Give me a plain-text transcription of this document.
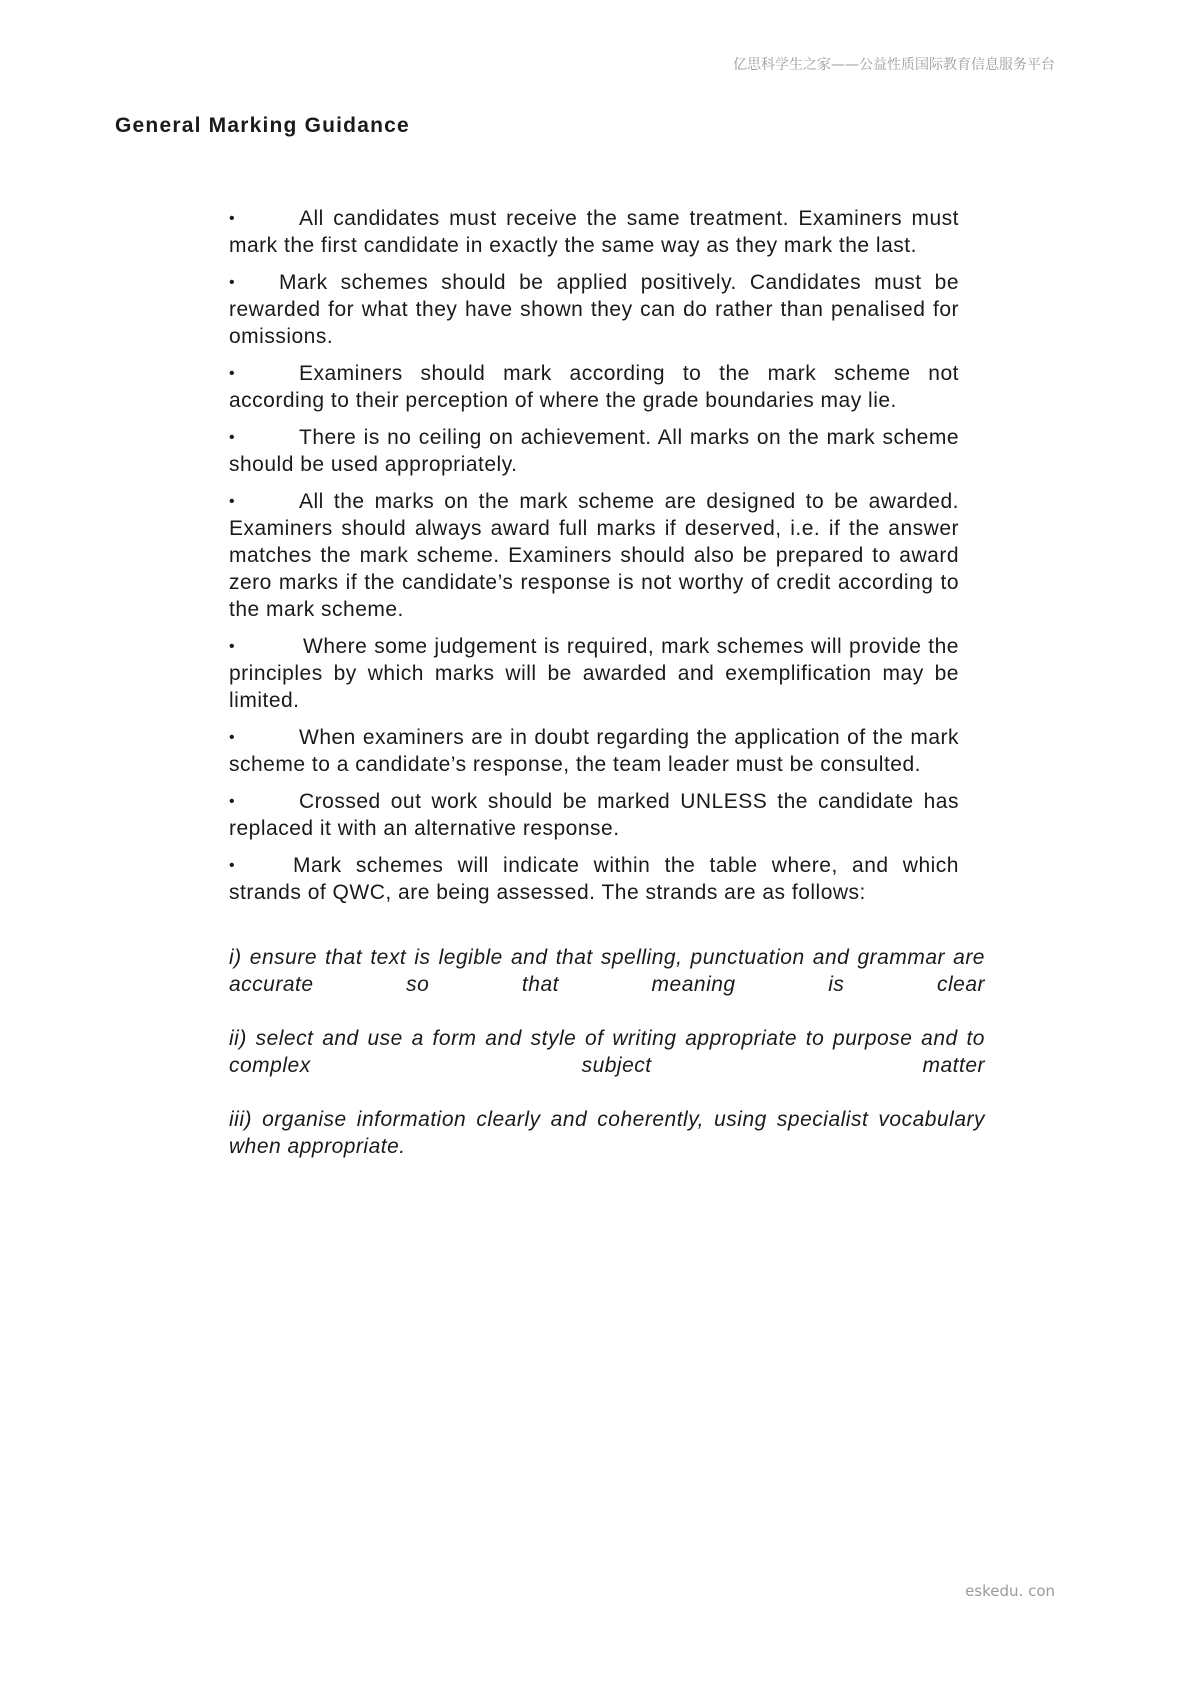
亿思科学生之家——公益性质国际教育信息服务平台
General Marking Guidance

•	All candidates must receive the same treatment. Examiners must mark the first candidate in exactly the same way as they mark the last.

• Mark schemes should be applied positively. Candidates must be rewarded for what they have shown they can do rather than penalised for omissions.

•	Examiners should mark according to the mark scheme not according to their perception of where the grade boundaries may lie.

•	There is no ceiling on achievement. All marks on the mark scheme should be used appropriately.

•	All the marks on the mark scheme are designed to be awarded. Examiners should always award full marks if deserved, i.e. if the answer matches the mark scheme. Examiners should also be prepared to award zero marks if the candidate’s response is not worthy of credit according to the mark scheme.

•	Where some judgement is required, mark schemes will provide the principles by which marks will be awarded and exemplification may be limited.

•	When examiners are in doubt regarding the application of the mark scheme to a candidate’s response, the team leader must be consulted.

•	Crossed out work should be marked UNLESS the candidate has replaced it with an alternative response.

•	Mark schemes will indicate within the table where, and which strands of QWC, are being assessed. The strands are as follows:

i) ensure that text is legible and that spelling, punctuation and grammar are accurate so that meaning is clear

ii) select and use a form and style of writing appropriate to purpose and to complex subject matter

iii) organise information clearly and coherently, using specialist vocabulary when appropriate.

eskedu. con
